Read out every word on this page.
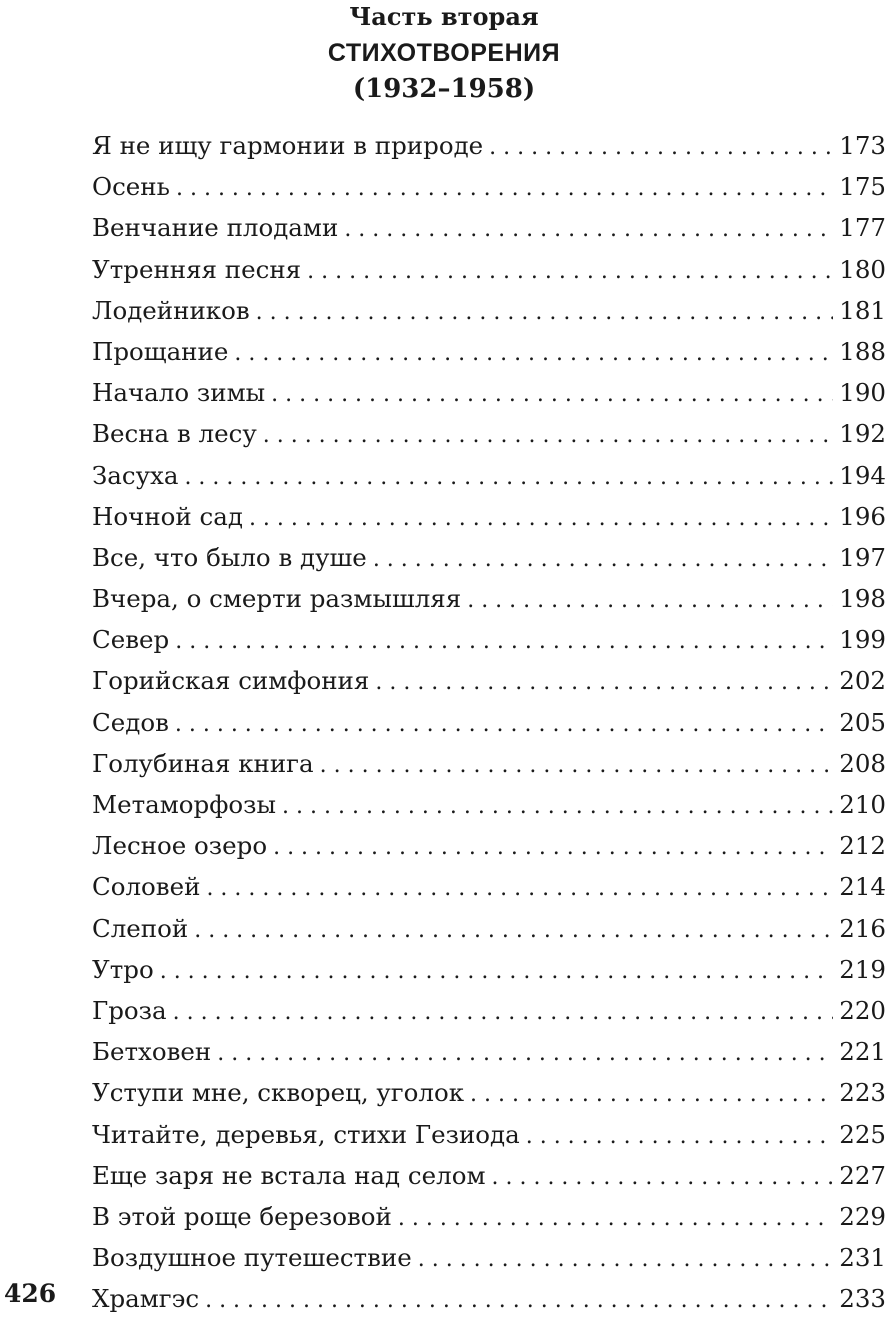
Часть вторая
СТИХОТВОРЕНИЯ
(1932–1958)
Я не ищу гармонии в природе . . .	173
Осень . . .	175
Венчание плодами . . .	177
Утренняя песня . . .	180
Лодейников . . .	181
Прощание . . .	188
Начало зимы . . .	190
Весна в лесу . . .	192
Засуха . . .	194
Ночной сад . . .	196
Все, что было в душе . . .	197
Вчера, о смерти размышляя . . .	198
Север . . .	199
Горийская симфония . . .	202
Седов . . .	205
Голубиная книга . . .	208
Метаморфозы . . .	210
Лесное озеро . . .	212
Соловей . . .	214
Слепой . . .	216
Утро . . .	219
Гроза . . .	220
Бетховен . . .	221
Уступи мне, скворец, уголок . . .	223
Читайте, деревья, стихи Гезиода . . .	225
Еще заря не встала над селом . . .	227
В этой роще березовой . . .	229
Воздушное путешествие . . .	231
Храмгэс . . .	233
426
